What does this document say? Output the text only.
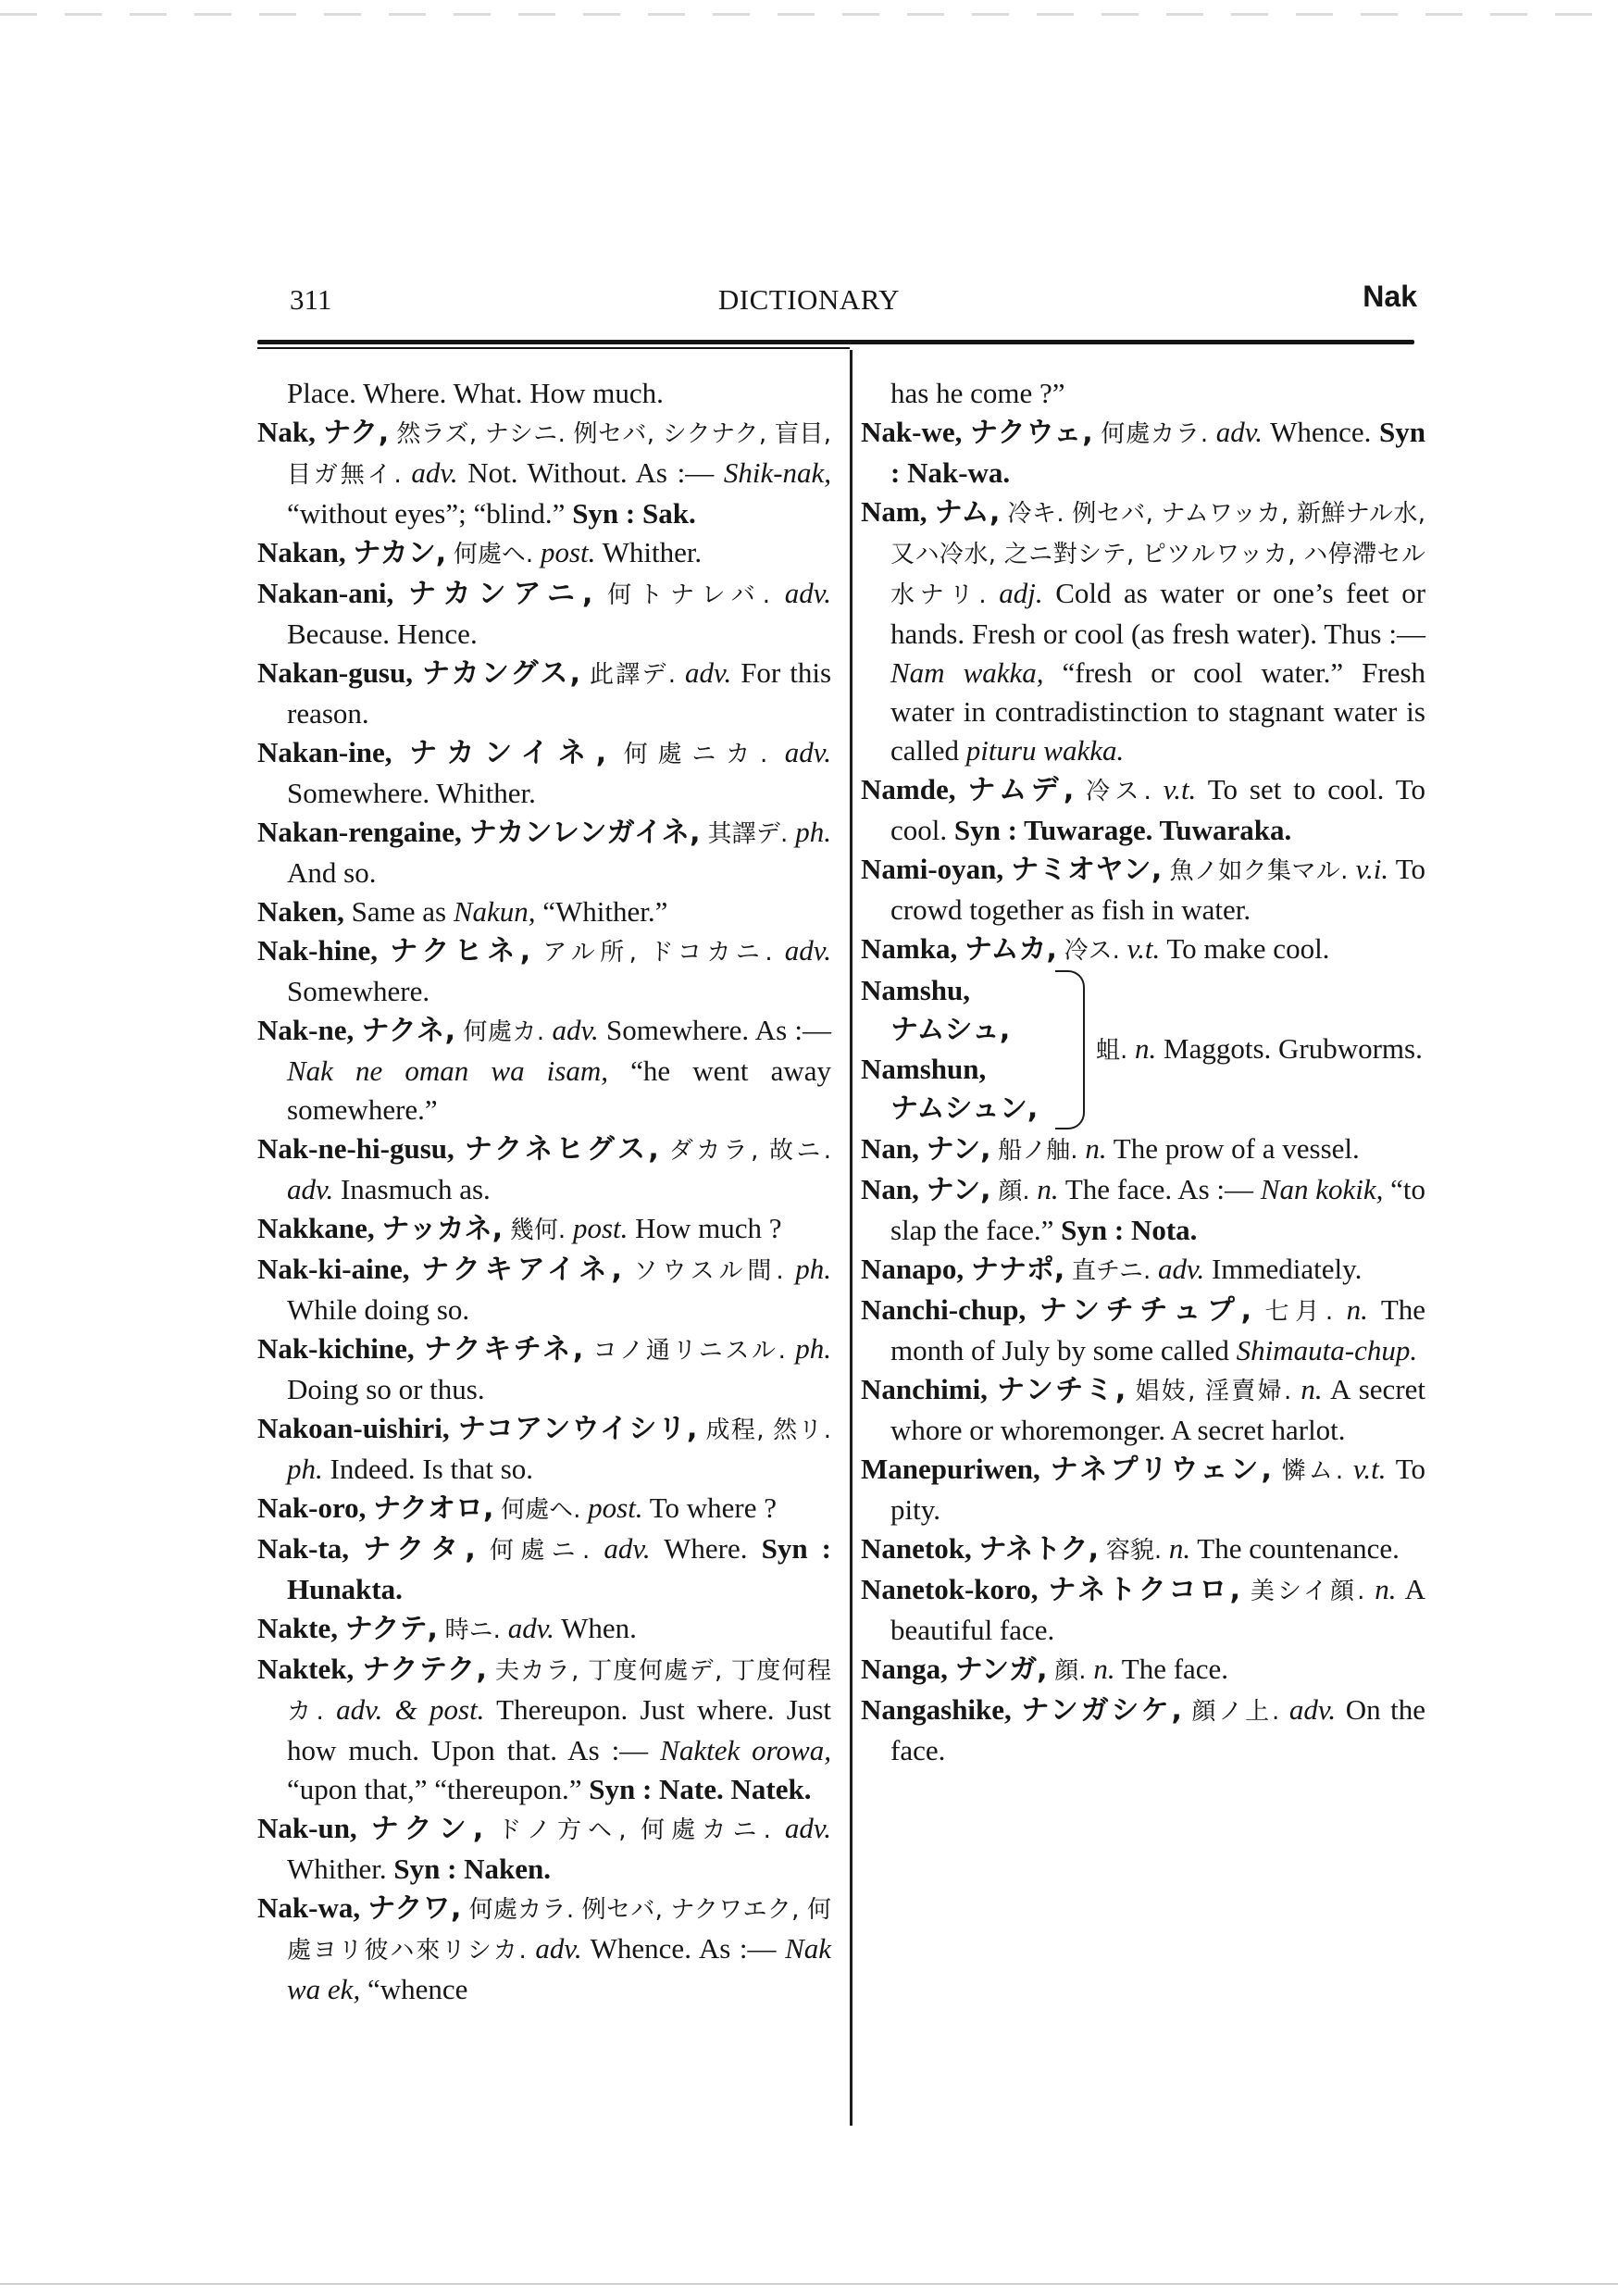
311	DICTIONARY	Nak
Place. Where. What. How much.
Nak, ナク, 然ラズ, ナシニ. 例セバ, シクナク, 盲目, 目ガ無イ. adv. Not. Without. As :— Shik-nak, “without eyes”; “blind.” Syn : Sak.
Nakan, ナカン, 何處ヘ. post. Whither.
Nakan-ani, ナカンアニ, 何トナレバ. adv. Because. Hence.
Nakan-gusu, ナカングス, 此譯デ. adv. For this reason.
Nakan-ine, ナカンイネ, 何處ニカ. adv. Somewhere. Whither.
Nakan-rengaine, ナカンレンガイネ, 其譯デ. ph. And so.
Naken, Same as Nakun, “Whither.”
Nak-hine, ナクヒネ, アル所, ドコカニ. adv. Somewhere.
Nak-ne, ナクネ, 何處カ. adv. Somewhere. As :— Nak ne oman wa isam, “he went away somewhere.”
Nak-ne-hi-gusu, ナクネヒグス, ダカラ, 故ニ. adv. Inasmuch as.
Nakkane, ナッカネ, 幾何. post. How much ?
Nak-ki-aine, ナクキアイネ, ソウスル間. ph. While doing so.
Nak-kichine, ナクキチネ, コノ通リニスル. ph. Doing so or thus.
Nakoan-uishiri, ナコアンウイシリ, 成程, 然リ. ph. Indeed. Is that so.
Nak-oro, ナクオロ, 何處ヘ. post. To where ?
Nak-ta, ナクタ, 何處ニ. adv. Where. Syn : Hunakta.
Nakte, ナクテ, 時ニ. adv. When.
Naktek, ナクテク, 夫カラ, 丁度何處デ, 丁度何程カ. adv. & post. Thereupon. Just where. Just how much. Upon that. As :— Naktek orowa, “upon that,” “thereupon.” Syn : Nate. Natek.
Nak-un, ナクン, ドノ方ヘ, 何處カニ. adv. Whither. Syn : Naken.
Nak-wa, ナクワ, 何處カラ. 例セバ, ナクワエク, 何處ヨリ彼ハ來リシカ. adv. Whence. As :— Nak wa ek, “whence
has he come ?”
Nak-we, ナクウェ, 何處カラ. adv. Whence. Syn : Nak-wa.
Nam, ナム, 冷キ. 例セバ, ナムワッカ, 新鮮ナル水, 又ハ冷水, 之ニ對シテ, ピツルワッカ, ハ停滯セル水ナリ. adj. Cold as water or one’s feet or hands. Fresh or cool (as fresh water). Thus :— Nam wakka, “fresh or cool water.” Fresh water in contradistinction to stagnant water is called pituru wakka.
Namde, ナムデ, 冷ス. v.t. To set to cool. To cool. Syn : Tuwarage. Tuwaraka.
Nami-oyan, ナミオヤン, 魚ノ如ク集マル. v.i. To crowd together as fish in water.
Namka, ナムカ, 冷ス. v.t. To make cool.
Namshu,
ナムシュ,
Namshun,
ナムシュン,
蛆. n. Maggots. Grubworms.
Nan, ナン, 船ノ舳. n. The prow of a vessel.
Nan, ナン, 顔. n. The face. As :— Nan kokik, “to slap the face.” Syn : Nota.
Nanapo, ナナポ, 直チニ. adv. Immediately.
Nanchi-chup, ナンチチュプ, 七月. n. The month of July by some called Shimauta-chup.
Nanchimi, ナンチミ, 娼妓, 淫賣婦. n. A secret whore or whoremonger. A secret harlot.
Manepuriwen, ナネプリウェン, 憐ム. v.t. To pity.
Nanetok, ナネトク, 容貌. n. The countenance.
Nanetok-koro, ナネトクコロ, 美シイ顔. n. A beautiful face.
Nanga, ナンガ, 顔. n. The face.
Nangashike, ナンガシケ, 顔ノ上. adv. On the face.
